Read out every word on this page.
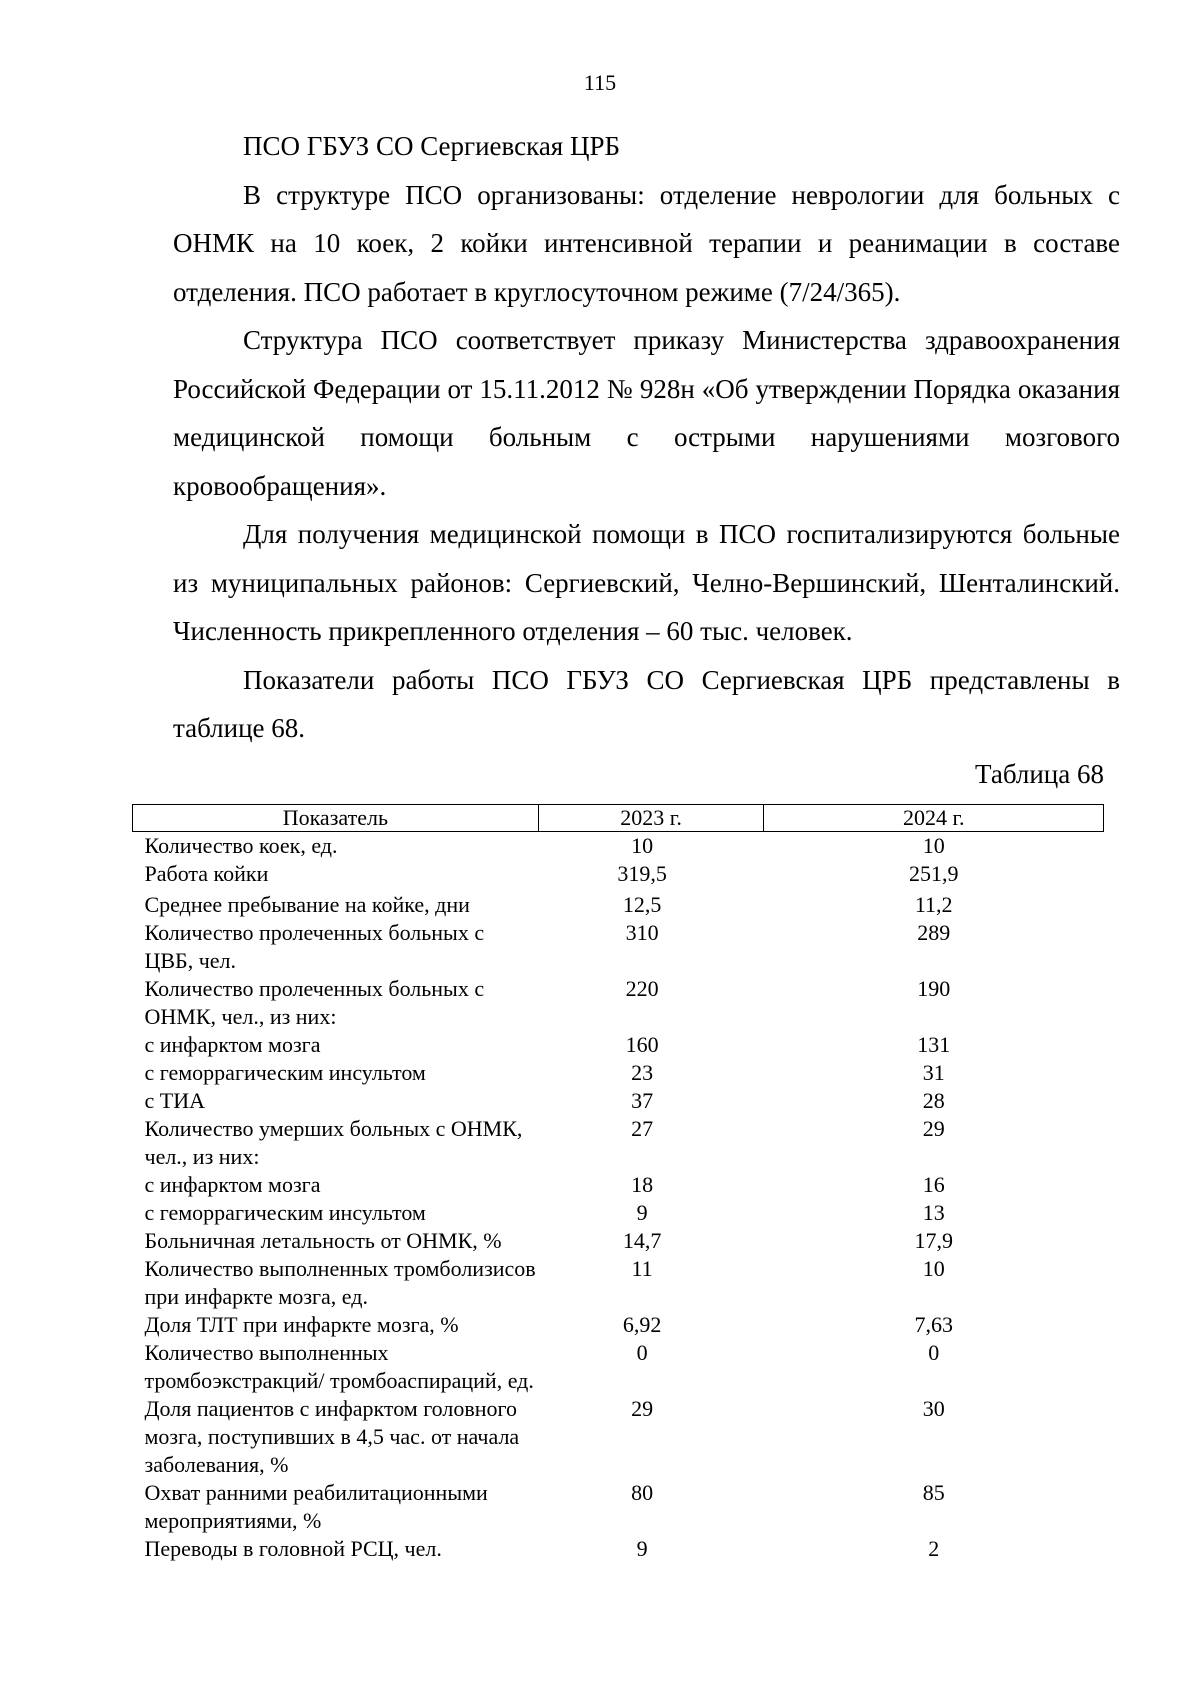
115

ПСО ГБУЗ СО Сергиевская ЦРБ

В структуре ПСО организованы: отделение неврологии для больных с ОНМК на 10 коек, 2 койки интенсивной терапии и реанимации в составе отделения. ПСО работает в круглосуточном режиме (7/24/365).

Структура ПСО соответствует приказу Министерства здравоохранения Российской Федерации от 15.11.2012 № 928н «Об утверждении Порядка оказания медицинской помощи больным с острыми нарушениями мозгового кровообращения».

Для получения медицинской помощи в ПСО госпитализируются больные из муниципальных районов: Сергиевский, Челно-Вершинский, Шенталинский. Численность прикрепленного отделения – 60 тыс. человек.

Показатели работы ПСО ГБУЗ СО Сергиевская ЦРБ представлены в таблице 68.

Таблица 68
Показатель	2023 г.	2024 г.
Количество коек, ед.	10	10
Работа койки	319,5	251,9
Среднее пребывание на койке, дни	12,5	11,2
Количество пролеченных больных с ЦВБ, чел.	310	289
Количество пролеченных больных с ОНМК, чел., из них:	220	190
с инфарктом мозга	160	131
с геморрагическим инсультом	23	31
с ТИА	37	28
Количество умерших больных с ОНМК, чел., из них:	27	29
с инфарктом мозга	18	16
с геморрагическим инсультом	9	13
Больничная летальность от ОНМК, %	14,7	17,9
Количество выполненных тромболизисов при инфаркте мозга, ед.	11	10
Доля ТЛТ при инфаркте мозга, %	6,92	7,63
Количество выполненных тромбоэкстракций/ тромбоаспираций, ед.	0	0
Доля пациентов с инфарктом головного мозга, поступивших в 4,5 час. от начала заболевания, %	29	30
Охват ранними реабилитационными мероприятиями, %	80	85
Переводы в головной РСЦ, чел.	9	2
